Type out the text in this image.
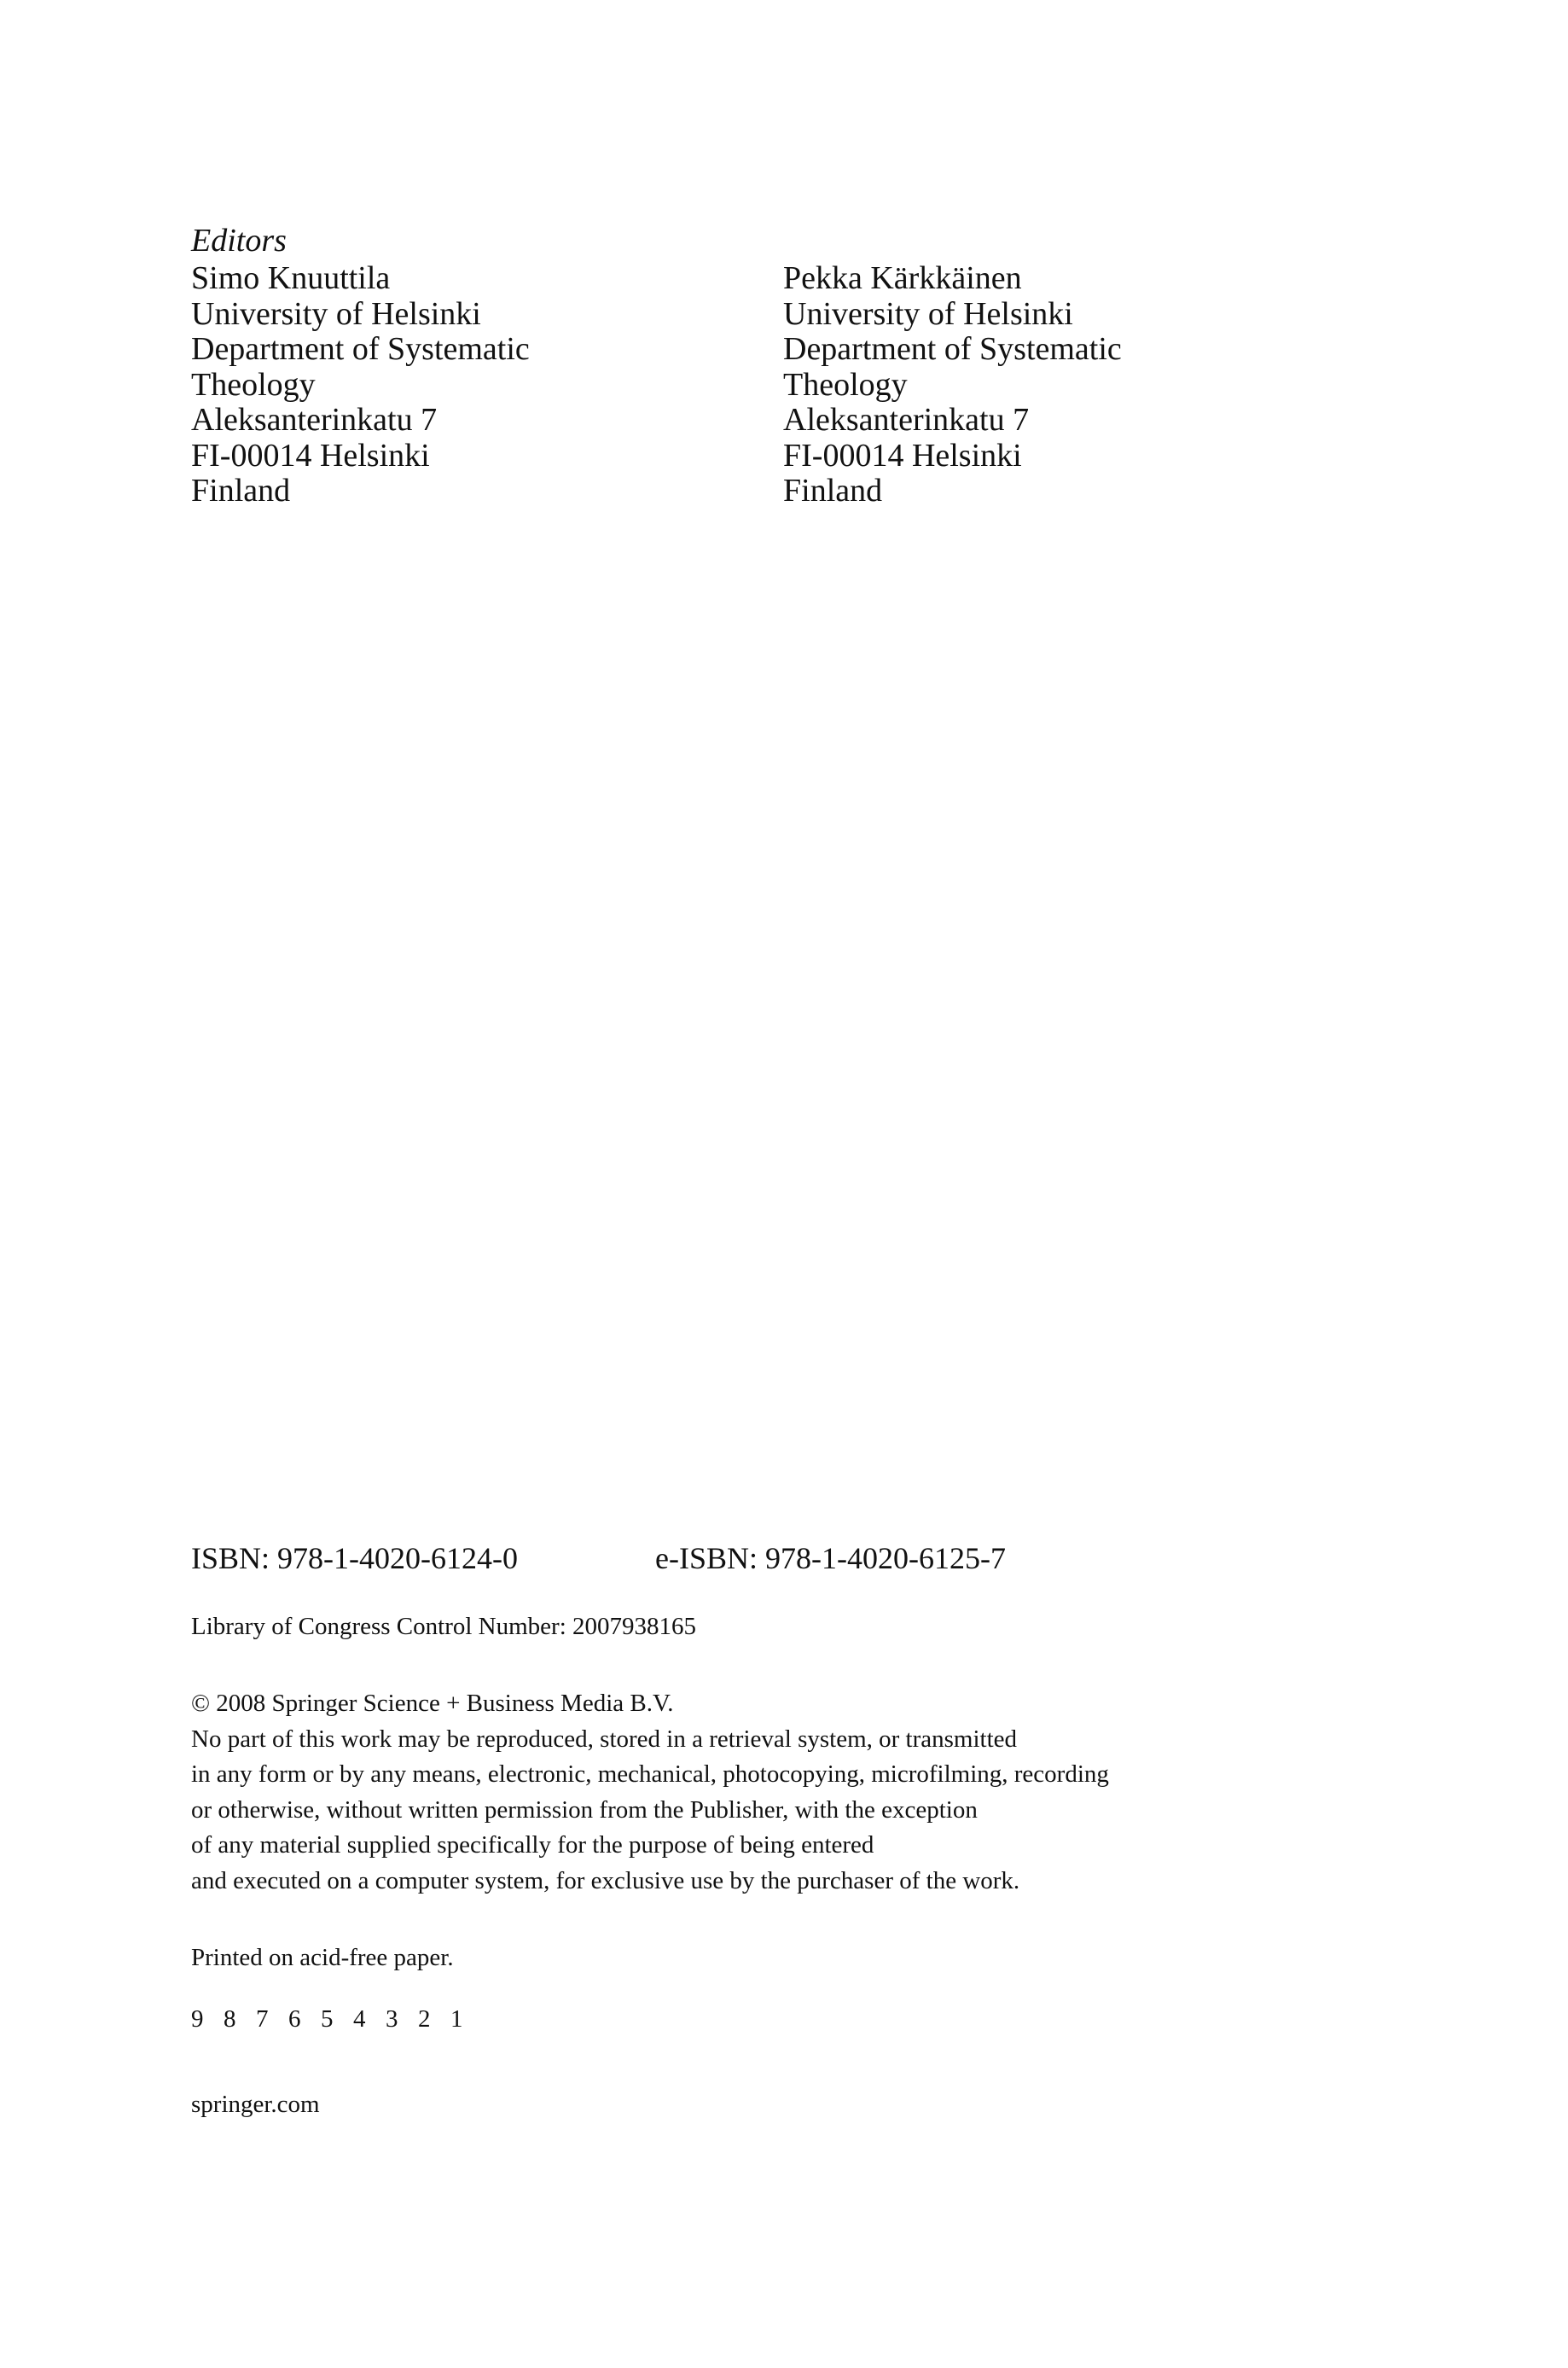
Editors

Simo Knuuttila
University of Helsinki
Department of Systematic
Theology
Aleksanterinkatu 7
FI-00014 Helsinki
Finland
Pekka Kärkkäinen
University of Helsinki
Department of Systematic
Theology
Aleksanterinkatu 7
FI-00014 Helsinki
Finland
ISBN: 978-1-4020-6124-0	e-ISBN: 978-1-4020-6125-7
Library of Congress Control Number: 2007938165
© 2008 Springer Science + Business Media B.V.
No part of this work may be reproduced, stored in a retrieval system, or transmitted
in any form or by any means, electronic, mechanical, photocopying, microfilming, recording
or otherwise, without written permission from the Publisher, with the exception
of any material supplied specifically for the purpose of being entered
and executed on a computer system, for exclusive use by the purchaser of the work.
Printed on acid-free paper.
9 8 7 6 5 4 3 2 1
springer.com
